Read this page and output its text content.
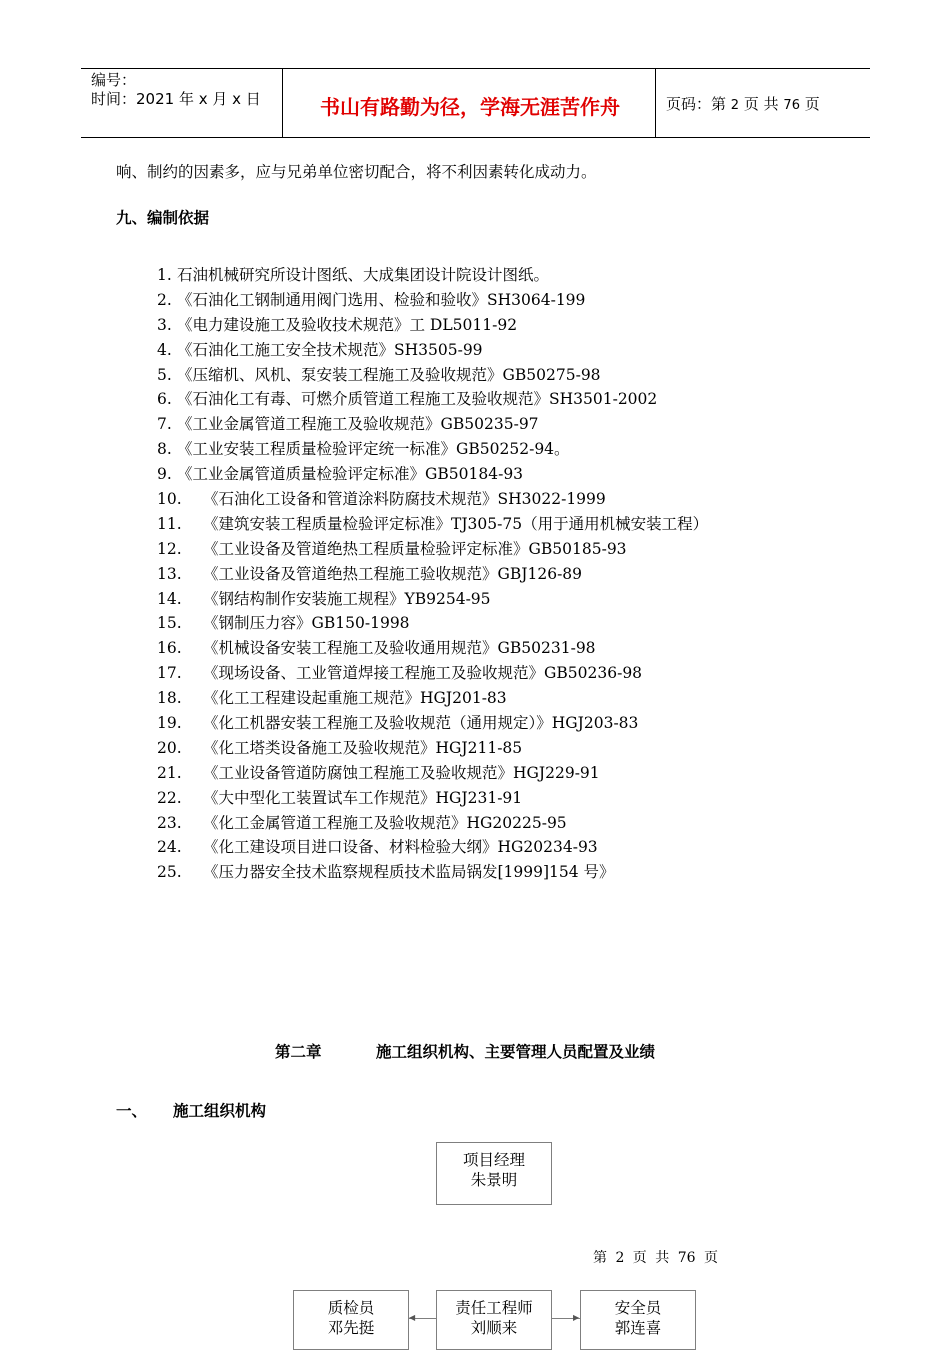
编号：
时间：2021 年 x 月 x 日	书山有路勤为径，学海无涯苦作舟	页码：第 2 页 共 76 页
响、制约的因素多，应与兄弟单位密切配合，将不利因素转化成动力。
九、编制依据
1. 石油机械研究所设计图纸、大成集团设计院设计图纸。
2. 《石油化工钢制通用阀门选用、检验和验收》SH3064-199
3. 《电力建设施工及验收技术规范》工 DL5011-92
4. 《石油化工施工安全技术规范》SH3505-99
5. 《压缩机、风机、泵安装工程施工及验收规范》GB50275-98
6. 《石油化工有毒、可燃介质管道工程施工及验收规范》SH3501-2002
7. 《工业金属管道工程施工及验收规范》GB50235-97
8. 《工业安装工程质量检验评定统一标准》GB50252-94。
9. 《工业金属管道质量检验评定标准》GB50184-93
10. 《石油化工设备和管道涂料防腐技术规范》SH3022-1999
11. 《建筑安装工程质量检验评定标准》TJ305-75（用于通用机械安装工程）
12. 《工业设备及管道绝热工程质量检验评定标准》GB50185-93
13. 《工业设备及管道绝热工程施工验收规范》GBJ126-89
14. 《钢结构制作安装施工规程》YB9254-95
15. 《钢制压力容》GB150-1998
16. 《机械设备安装工程施工及验收通用规范》GB50231-98
17. 《现场设备、工业管道焊接工程施工及验收规范》GB50236-98
18. 《化工工程建设起重施工规范》HGJ201-83
19. 《化工机器安装工程施工及验收规范（通用规定）》HGJ203-83
20. 《化工塔类设备施工及验收规范》HGJ211-85
21. 《工业设备管道防腐蚀工程施工及验收规范》HGJ229-91
22. 《大中型化工装置试车工作规范》HGJ231-91
23. 《化工金属管道工程施工及验收规范》HG20225-95
24. 《化工建设项目进口设备、材料检验大纲》HG20234-93
25. 《压力器安全技术监察规程质技术监局锅发[1999]154 号》
第二章	施工组织机构、主要管理人员配置及业绩
一、 施工组织机构
项目经理
朱景明
第 2 页 共 76 页
质检员
邓先挺
责任工程师
刘顺来
安全员
郭连喜
◀	▶
